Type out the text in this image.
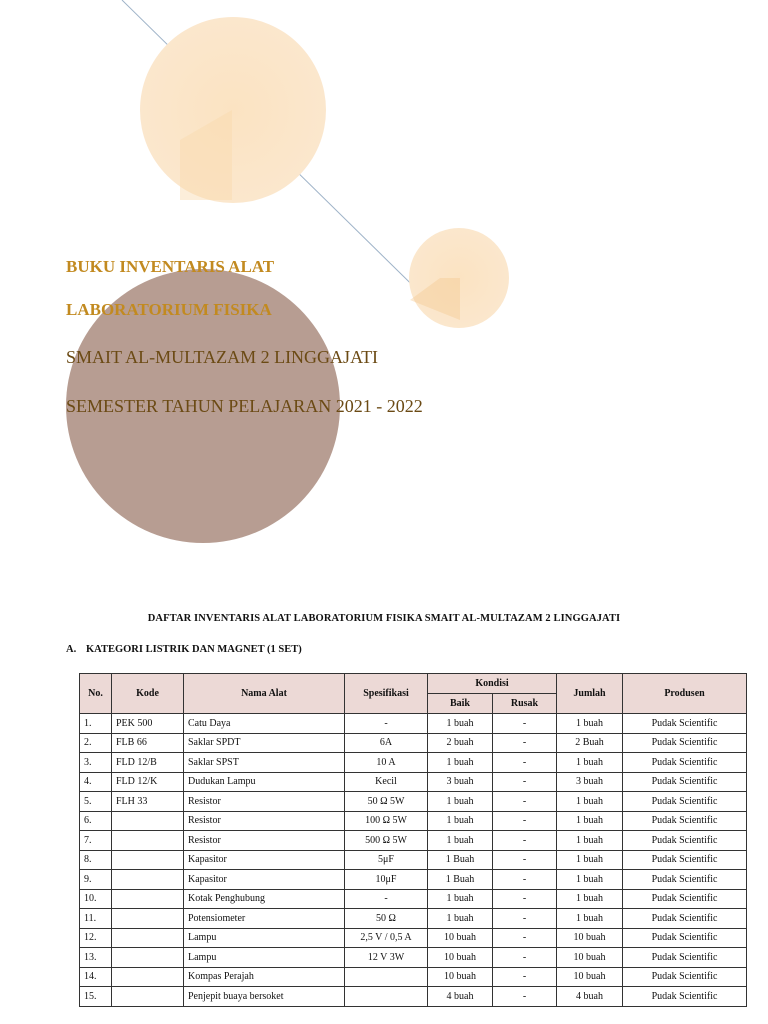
BUKU INVENTARIS ALAT
LABORATORIUM FISIKA
SMAIT AL-MULTAZAM 2 LINGGAJATI
SEMESTER TAHUN PELAJARAN 2021 - 2022
DAFTAR INVENTARIS ALAT LABORATORIUM FISIKA SMAIT AL-MULTAZAM 2 LINGGAJATI
A. KATEGORI LISTRIK DAN MAGNET (1 SET)
No.	Kode	Nama Alat	Spesifikasi	Kondisi		Jumlah	Produsen
				Baik	Rusak		
1.	PEK 500	Catu Daya	-	1 buah	-	1 buah	Pudak Scientific
2.	FLB 66	Saklar SPDT	6A	2 buah	-	2 Buah	Pudak Scientific
3.	FLD 12/B	Saklar SPST	10 A	1 buah	-	1 buah	Pudak Scientific
4.	FLD 12/K	Dudukan Lampu	Kecil	3 buah	-	3 buah	Pudak Scientific
5.	FLH 33	Resistor	50 Ω 5W	1 buah	-	1 buah	Pudak Scientific
6.		Resistor	100 Ω 5W	1 buah	-	1 buah	Pudak Scientific
7.		Resistor	500 Ω 5W	1 buah	-	1 buah	Pudak Scientific
8.		Kapasitor	5μF	1 Buah	-	1 buah	Pudak Scientific
9.		Kapasitor	10μF	1 Buah	-	1 buah	Pudak Scientific
10.		Kotak Penghubung	-	1 buah	-	1 buah	Pudak Scientific
11.		Potensiometer	50 Ω	1 buah	-	1 buah	Pudak Scientific
12.		Lampu	2,5 V / 0,5 A	10 buah	-	10 buah	Pudak Scientific
13.		Lampu	12 V 3W	10 buah	-	10 buah	Pudak Scientific
14.		Kompas Perajah		10 buah	-	10 buah	Pudak Scientific
15.		Penjepit buaya bersoket		4 buah	-	4 buah	Pudak Scientific
